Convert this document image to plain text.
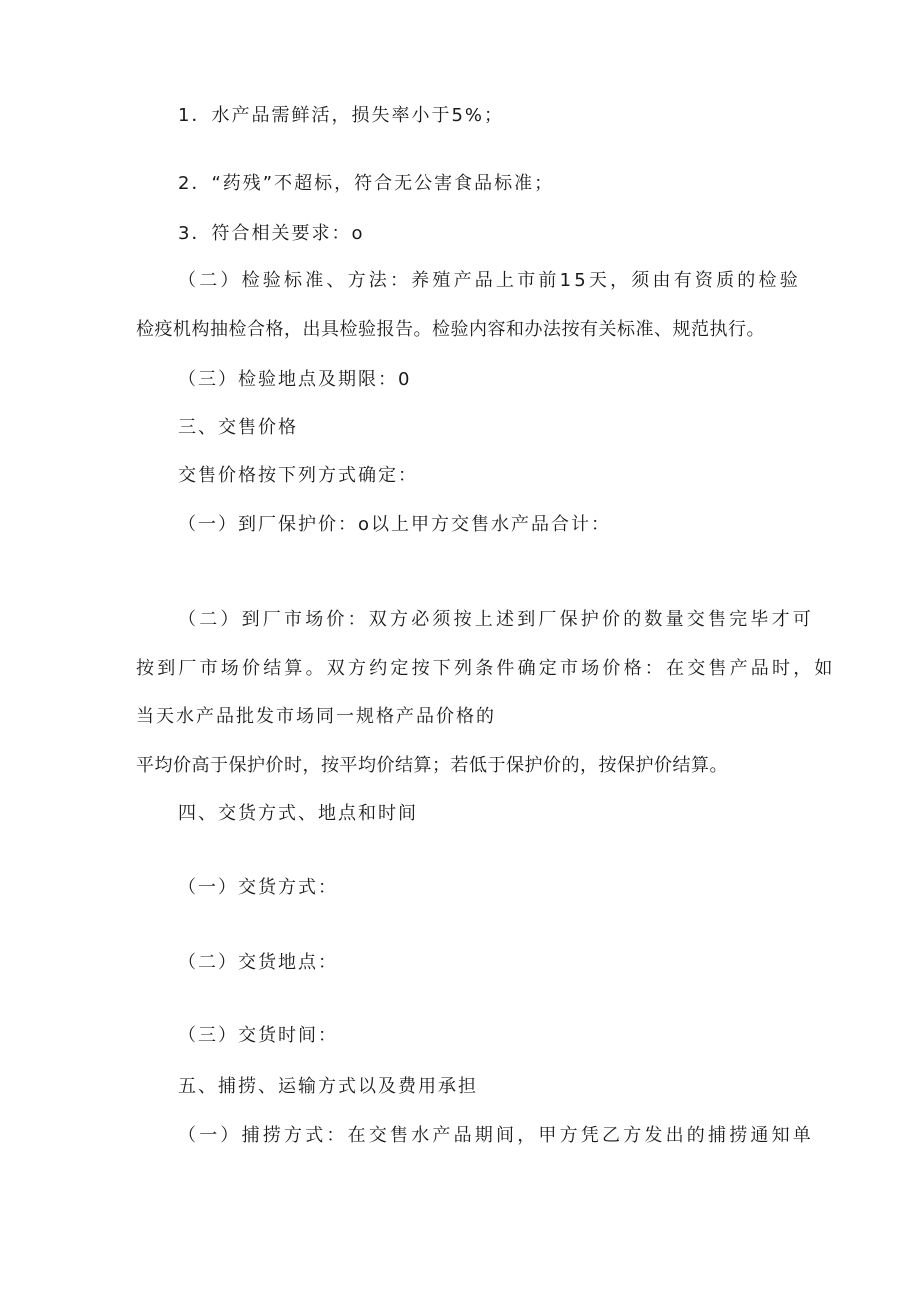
1．水产品需鲜活，损失率小于5%；
2．“药残”不超标，符合无公害食品标准；
3．符合相关要求：o
（二）检验标准、方法：养殖产品上市前15天，须由有资质的检验
检疫机构抽检合格，出具检验报告。检验内容和办法按有关标准、规范执行。
（三）检验地点及期限：0
三、交售价格
交售价格按下列方式确定：
（一）到厂保护价：o以上甲方交售水产品合计：
（二）到厂市场价：双方必须按上述到厂保护价的数量交售完毕才可
按到厂市场价结算。双方约定按下列条件确定市场价格：在交售产品时，如
当天水产品批发市场同一规格产品价格的
平均价高于保护价时，按平均价结算；若低于保护价的，按保护价结算。
四、交货方式、地点和时间
（一）交货方式：
（二）交货地点：
（三）交货时间：
五、捕捞、运输方式以及费用承担
（一）捕捞方式：在交售水产品期间，甲方凭乙方发出的捕捞通知单
